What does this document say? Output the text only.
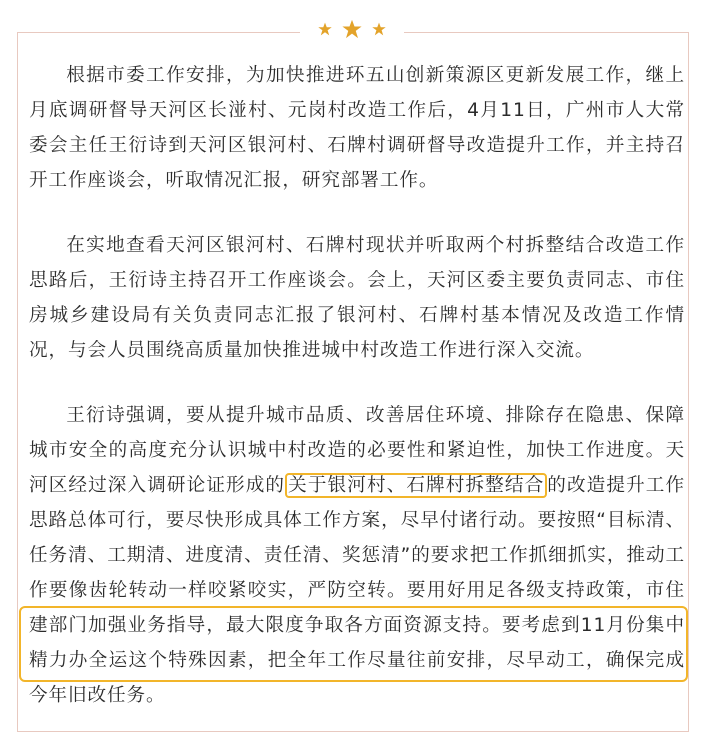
根据市委工作安排，为加快推进环五山创新策源区更新发展工作，继上月底调研督导天河区长湴村、元岗村改造工作后，4月11日，广州市人大常委会主任王衍诗到天河区银河村、石牌村调研督导改造提升工作，并主持召开工作座谈会，听取情况汇报，研究部署工作。

在实地查看天河区银河村、石牌村现状并听取两个村拆整结合改造工作思路后，王衍诗主持召开工作座谈会。会上，天河区委主要负责同志、市住房城乡建设局有关负责同志汇报了银河村、石牌村基本情况及改造工作情况，与会人员围绕高质量加快推进城中村改造工作进行深入交流。

王衍诗强调，要从提升城市品质、改善居住环境、排除存在隐患、保障城市安全的高度充分认识城中村改造的必要性和紧迫性，加快工作进度。天河区经过深入调研论证形成的 关于银河村、石牌村拆整结合 的改造提升工作思路总体可行，要尽快形成具体工作方案，尽早付诸行动。要按照“目标清、任务清、工期清、进度清、责任清、奖惩清”的要求把工作抓细抓实，推动工作要像齿轮转动一样咬紧咬实，严防空转。要用好用足各级支持政策，市住建部门加强业务指导，最大限度争取各方面资源支持。要考虑到11月份集中精力办全运这个特殊因素，把全年工作尽量往前安排，尽早动工，确保完成今年旧改任务。
